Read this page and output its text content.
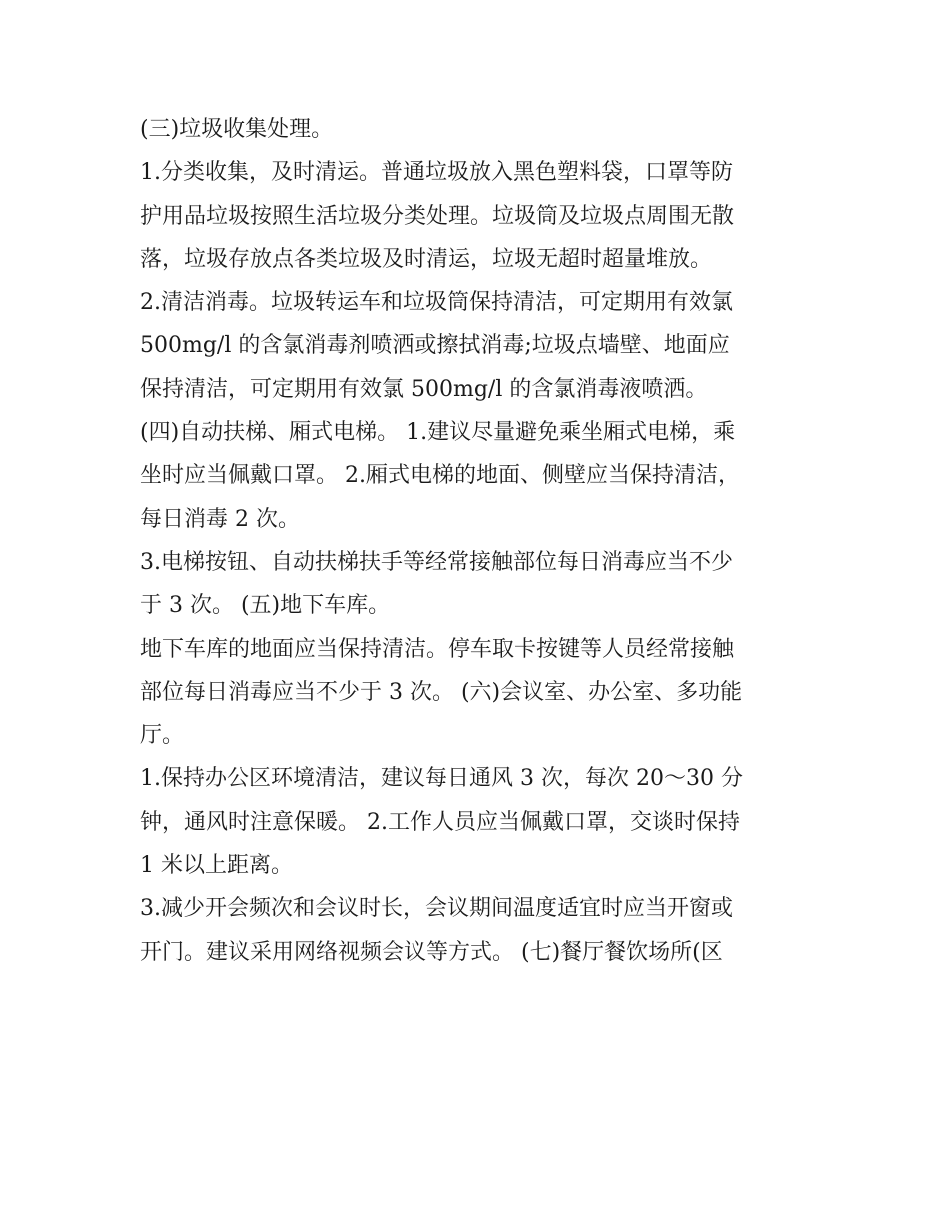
(三)垃圾收集处理。
1.分类收集，及时清运。普通垃圾放入黑色塑料袋，口罩等防
护用品垃圾按照生活垃圾分类处理。垃圾筒及垃圾点周围无散
落，垃圾存放点各类垃圾及时清运，垃圾无超时超量堆放。
2.清洁消毒。垃圾转运车和垃圾筒保持清洁，可定期用有效氯
500mg/l 的含氯消毒剂喷洒或擦拭消毒;垃圾点墙壁、地面应
保持清洁，可定期用有效氯 500mg/l 的含氯消毒液喷洒。
(四)自动扶梯、厢式电梯。 1.建议尽量避免乘坐厢式电梯，乘
坐时应当佩戴口罩。 2.厢式电梯的地面、侧壁应当保持清洁，
每日消毒 2 次。
3.电梯按钮、自动扶梯扶手等经常接触部位每日消毒应当不少
于 3 次。 (五)地下车库。
地下车库的地面应当保持清洁。停车取卡按键等人员经常接触
部位每日消毒应当不少于 3 次。 (六)会议室、办公室、多功能
厅。
1.保持办公区环境清洁，建议每日通风 3 次，每次 20～30 分
钟，通风时注意保暖。 2.工作人员应当佩戴口罩，交谈时保持
1 米以上距离。
3.减少开会频次和会议时长，会议期间温度适宜时应当开窗或
开门。建议采用网络视频会议等方式。 (七)餐厅餐饮场所(区
